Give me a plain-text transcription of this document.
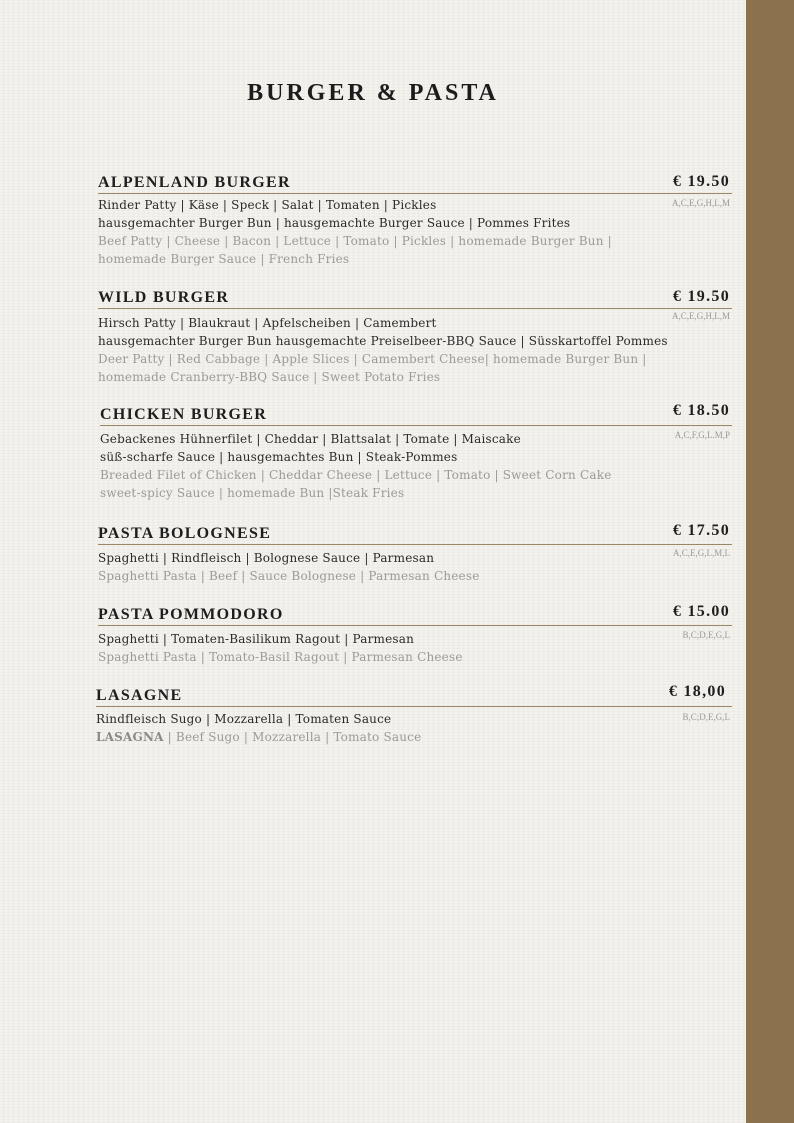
BURGER & PASTA
ALPENLAND BURGER	€ 19.50
A,C,E,G,H,L,M
Rinder Patty | Käse | Speck | Salat | Tomaten | Pickles
hausgemachter Burger Bun | hausgemachte Burger Sauce | Pommes Frites
Beef Patty | Cheese | Bacon | Lettuce | Tomato | Pickles | homemade Burger Bun |
homemade Burger Sauce | French Fries
WILD BURGER	€ 19.50
A,C,E,G,H,L,M
Hirsch Patty | Blaukraut | Apfelscheiben | Camembert
hausgemachter Burger Bun hausgemachte Preiselbeer-BBQ Sauce | Süsskartoffel Pommes
Deer Patty | Red Cabbage | Apple Slices | Camembert Cheese| homemade Burger Bun |
homemade Cranberry-BBQ Sauce | Sweet Potato Fries
CHICKEN BURGER	€ 18.50
A,C,F,G,L.M,P
Gebackenes Hühnerfilet | Cheddar | Blattsalat | Tomate | Maiscake
süß-scharfe Sauce | hausgemachtes Bun | Steak-Pommes
Breaded Filet of Chicken | Cheddar Cheese | Lettuce | Tomato | Sweet Corn Cake
sweet-spicy Sauce | homemade Bun |Steak Fries
PASTA BOLOGNESE	€ 17.50
A,C,E,G,L,M,L
Spaghetti | Rindfleisch | Bolognese Sauce | Parmesan
Spaghetti Pasta | Beef | Sauce Bolognese | Parmesan Cheese
PASTA POMMODORO	€ 15.00
B,C;D,E,G,L
Spaghetti | Tomaten-Basilikum Ragout | Parmesan
Spaghetti Pasta | Tomato-Basil Ragout | Parmesan Cheese
LASAGNE	€ 18,00
B,C;D,E,G,L
Rindfleisch Sugo | Mozzarella | Tomaten Sauce
LASAGNA | Beef Sugo | Mozzarella | Tomato Sauce
